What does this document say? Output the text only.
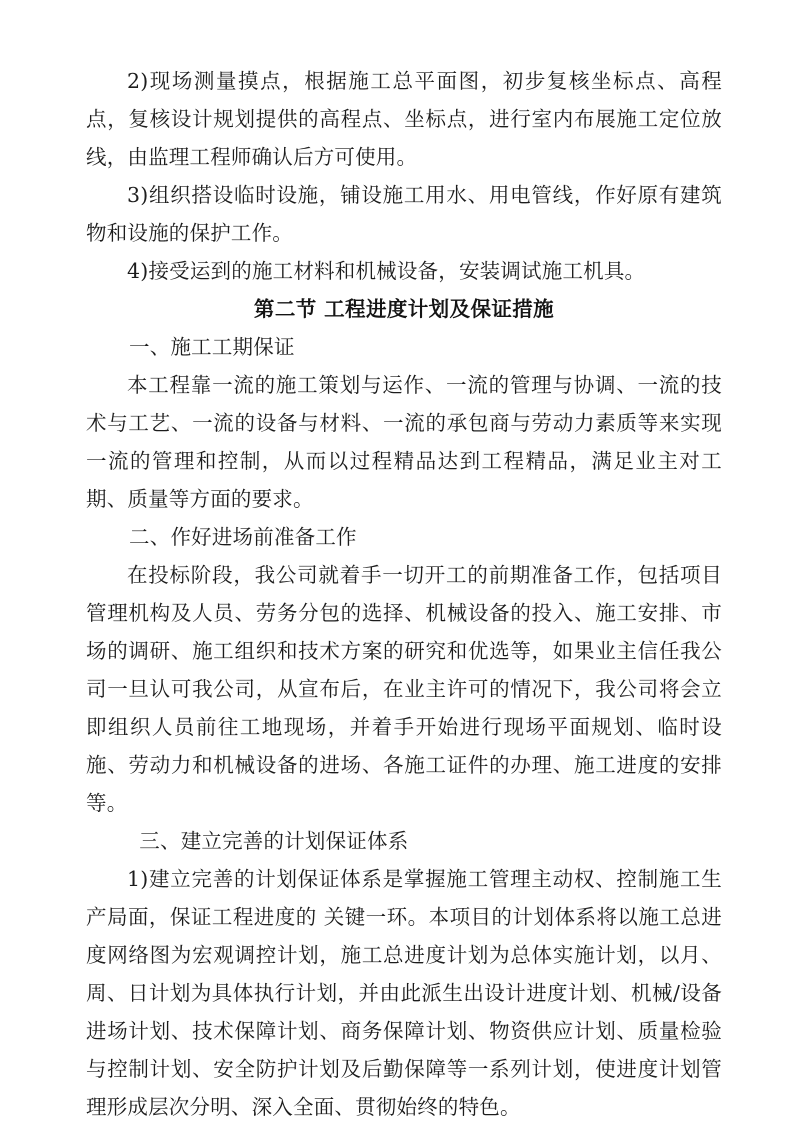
2)现场测量摸点，根据施工总平面图，初步复核坐标点、高程点，复核设计规划提供的高程点、坐标点，进行室内布展施工定位放线，由监理工程师确认后方可使用。

3)组织搭设临时设施，铺设施工用水、用电管线，作好原有建筑物和设施的保护工作。

4)接受运到的施工材料和机械设备，安装调试施工机具。

第二节 工程进度计划及保证措施

一、施工工期保证

本工程靠一流的施工策划与运作、一流的管理与协调、一流的技术与工艺、一流的设备与材料、一流的承包商与劳动力素质等来实现一流的管理和控制，从而以过程精品达到工程精品，满足业主对工期、质量等方面的要求。

二、作好进场前准备工作

在投标阶段，我公司就着手一切开工的前期准备工作，包括项目管理机构及人员、劳务分包的选择、机械设备的投入、施工安排、市场的调研、施工组织和技术方案的研究和优选等，如果业主信任我公司一旦认可我公司，从宣布后，在业主许可的情况下，我公司将会立即组织人员前往工地现场，并着手开始进行现场平面规划、临时设施、劳动力和机械设备的进场、各施工证件的办理、施工进度的安排等。

三、建立完善的计划保证体系

1)建立完善的计划保证体系是掌握施工管理主动权、控制施工生产局面，保证工程进度的 关键一环。本项目的计划体系将以施工总进度网络图为宏观调控计划，施工总进度计划为总体实施计划，以月、周、日计划为具体执行计划，并由此派生出设计进度计划、机械/设备进场计划、技术保障计划、商务保障计划、物资供应计划、质量检验与控制计划、安全防护计划及后勤保障等一系列计划，使进度计划管理形成层次分明、深入全面、贯彻始终的特色。
